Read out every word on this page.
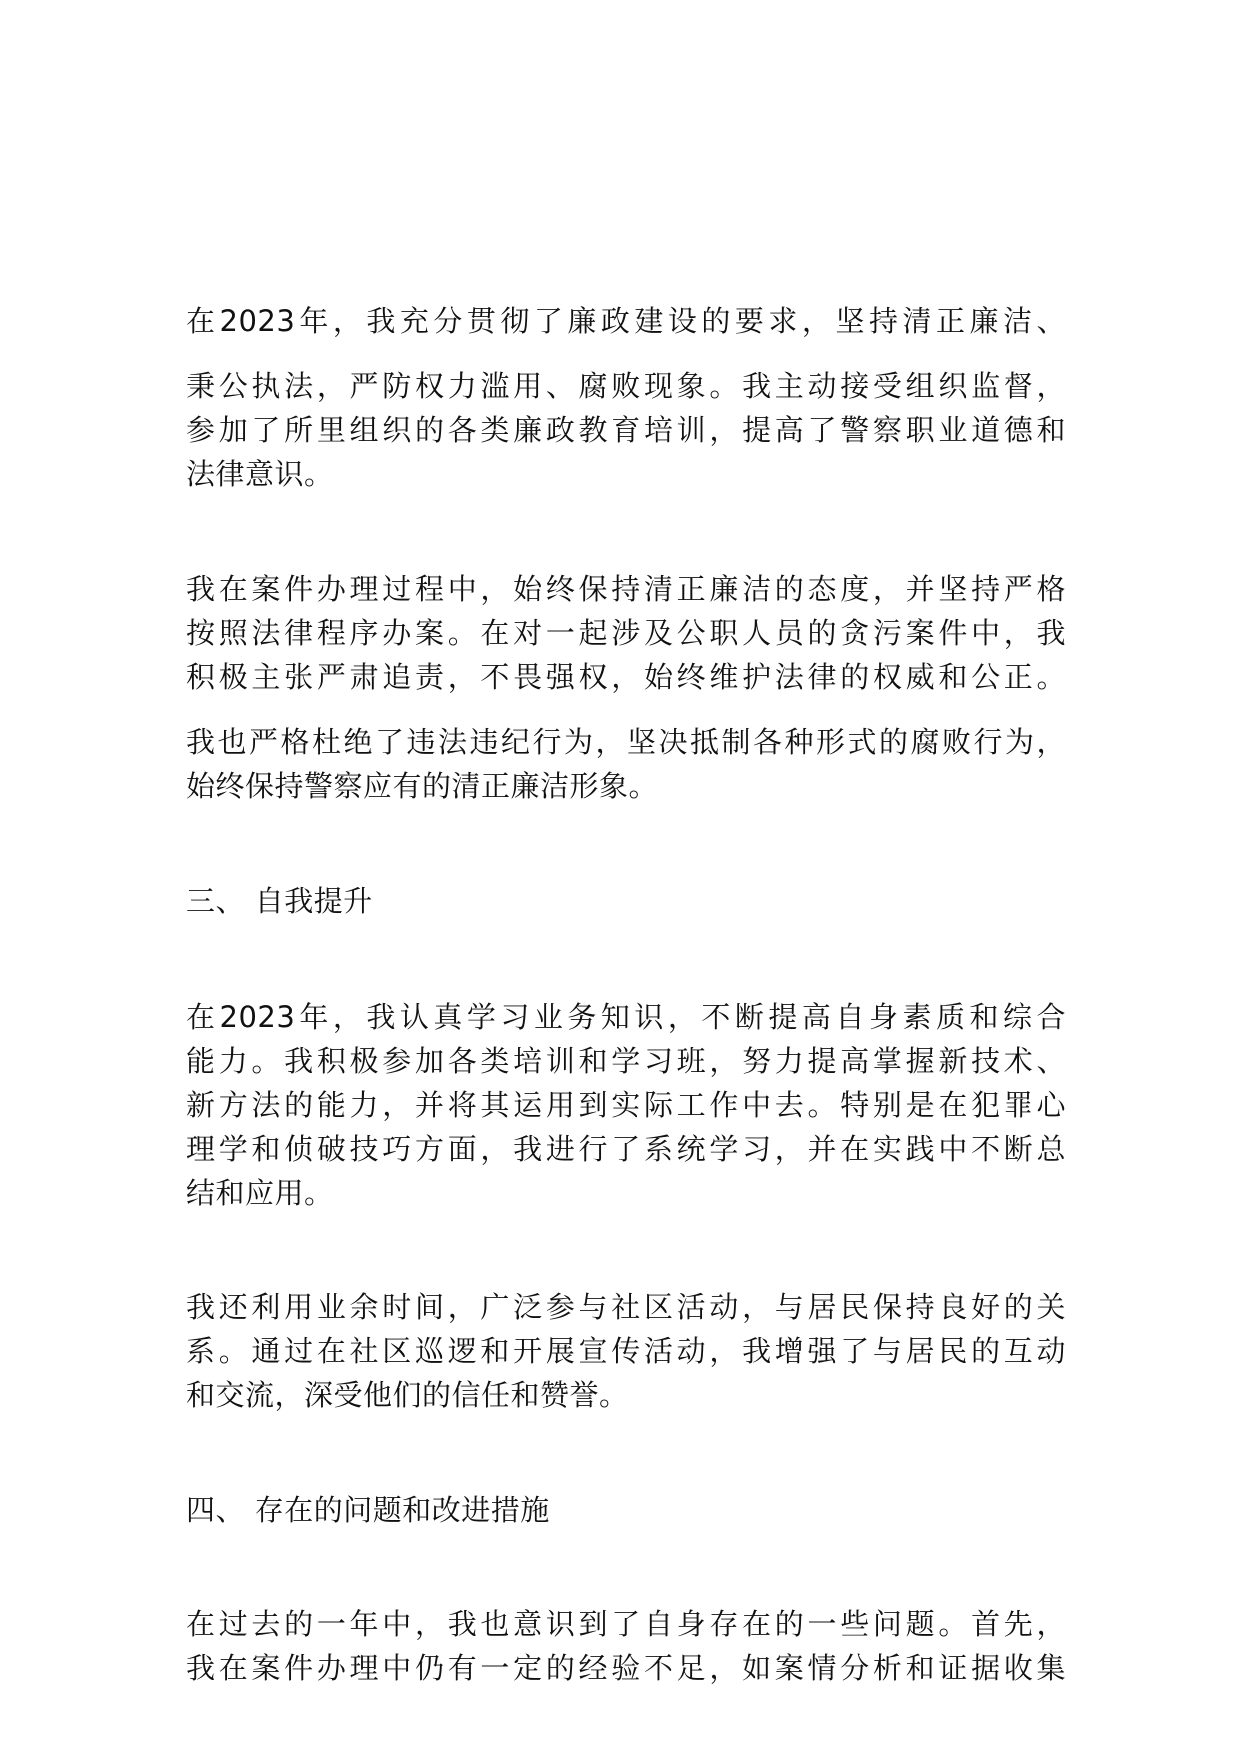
在2023年，我充分贯彻了廉政建设的要求，坚持清正廉洁、
秉公执法，严防权力滥用、腐败现象。我主动接受组织监督，
参加了所里组织的各类廉政教育培训，提高了警察职业道德和
法律意识。
我在案件办理过程中，始终保持清正廉洁的态度，并坚持严格
按照法律程序办案。在对一起涉及公职人员的贪污案件中，我
积极主张严肃追责，不畏强权，始终维护法律的权威和公正。
我也严格杜绝了违法违纪行为，坚决抵制各种形式的腐败行为，
始终保持警察应有的清正廉洁形象。
三、 自我提升
在2023年，我认真学习业务知识，不断提高自身素质和综合
能力。我积极参加各类培训和学习班，努力提高掌握新技术、
新方法的能力，并将其运用到实际工作中去。特别是在犯罪心
理学和侦破技巧方面，我进行了系统学习，并在实践中不断总
结和应用。
我还利用业余时间，广泛参与社区活动，与居民保持良好的关
系。通过在社区巡逻和开展宣传活动，我增强了与居民的互动
和交流，深受他们的信任和赞誉。
四、 存在的问题和改进措施
在过去的一年中，我也意识到了自身存在的一些问题。首先，
我在案件办理中仍有一定的经验不足，如案情分析和证据收集
